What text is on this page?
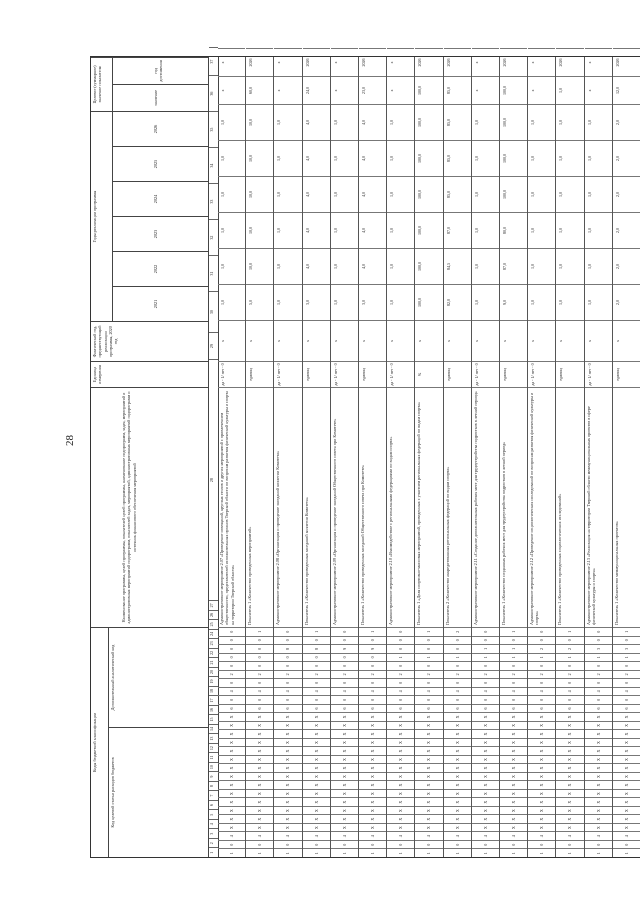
28
Коды бюджетной классификации
Код целевой статьи расходов бюджетов
Дополнительный аналитический код
Наименование программы, целей программы, показателей целей программы, наименование подпрограмм, задач, мероприятий и административных мероприятий подпрограмм, показателей задач, мероприятий, административных мероприятий подпрограмм и источник финансового обеспечения мероприятий
Единица измерения
Фактический год, предшествующий реализации программы, 2020 год
Годы реализации программы
Целевое (суммарное) значение показателя
2021
2022
2023
2024
2025
2026
значение
год достижения
1
2
3
4
5
6
7
8
9
10
11
12
13
14
15
16
17
18
19
20
21
22
23
24
25
26
27
28
29
30
31
32
33
34
35
36
37
1
0
4
X
X
X
X
X
X
X
X
X
X
X
X
X
X
6
0
4
0
2
0
0
0
0
0
Административное мероприятие 2.07 «Проведение совещаний, круглых столов и других мероприятий с привлечением общественности, представителей исполнительных органов Тверской области по вопросам развития физической культуры и спорта на территории Тверской области»
да - 1/ нет - 0
х
1,0
1,0
1,0
1,0
1,0
1,0
х
х
1
0
4
X
X
X
X
X
X
X
X
X
X
X
X
X
X
6
0
4
0
2
0
0
0
0
1
Показатель 1 «Количество проведенных мероприятий»
единиц
х
5,0
10,0
10,0
10,0
10,0
10,0
60,0
2026
1
0
4
X
X
X
X
X
X
X
X
X
X
X
X
X
X
6
0
4
0
2
0
0
8
0
0
Административное мероприятие 2.08 «Организация и проведение заседаний коллегии Комитета»
да - 1/ нет - 0
х
1,0
1,0
1,0
1,0
1,0
1,0
х
х
1
0
4
X
X
X
X
X
X
X
X
X
X
X
X
X
X
6
0
4
0
2
0
0
8
0
1
Показатель 1 «Количество проведенных заседаний коллегии Комитета»
единиц
х
3,0
4,0
4,0
4,0
4,0
4,0
24,0
2026
1
0
4
X
X
X
X
X
X
X
X
X
X
X
X
X
X
6
0
4
0
2
0
0
9
0
0
Административное мероприятие 2.09 «Организация и проведение заседаний Общественного совета при Комитете»
да - 1/ нет - 0
х
1,0
1,0
1,0
1,0
1,0
1,0
х
х
1
0
4
X
X
X
X
X
X
X
X
X
X
X
X
X
X
6
0
4
0
2
0
0
9
0
1
Показатель 1 «Количество проведенных заседаний Общественного совета при Комитете»
единиц
х
3,0
4,0
4,0
4,0
4,0
4,0
23,0
2026
1
0
4
X
X
X
X
X
X
X
X
X
X
X
X
X
X
6
0
4
0
2
0
1
0
0
0
Административное мероприятие 2.10 «Взаимодействие с региональными федерациями по видам спорта»
да - 1/ нет - 0
х
1,0
1,0
1,0
1,0
1,0
1,0
х
х
1
0
4
X
X
X
X
X
X
X
X
X
X
X
X
X
X
6
0
4
0
2
0
1
0
0
1
Показатель 1 «Доля спортивно-массовых мероприятий, проведенных с участием региональных федераций по видам спорта»
%
х
100,0
100,0
100,0
100,0
100,0
100,0
100,0
2026
1
0
4
X
X
X
X
X
X
X
X
X
X
X
X
X
X
6
0
4
0
2
0
1
0
0
2
Показатель 2 «Количество аккредитованных региональных федераций по видам спорта»
единиц
х
82,0
84,5
87,0
85,0
85,0
85,0
85,0
2026
1
0
4
X
X
X
X
X
X
X
X
X
X
X
X
X
X
6
0
4
0
2
0
1
1
0
0
Административное мероприятие 2.11 «Создание дополнительных рабочих мест для трудоустройства подростков в летний период»
да - 1/ нет - 0
х
1,0
1,0
1,0
1,0
1,0
1,0
х
х
1
0
4
X
X
X
X
X
X
X
X
X
X
X
X
X
X
6
0
4
0
2
0
1
1
0
1
Показатель 1 «Количество созданных рабочих мест для трудоустройства подростков в летний период»
единиц
х
9,0
87,0
80,0
100,0
100,0
100,0
100,0
2026
1
0
4
X
X
X
X
X
X
X
X
X
X
X
X
X
X
6
0
4
0
2
0
1
2
0
0
Административное мероприятие 2.12 «Проведение социологических исследований по вопросам развития физической культуры и спорта»
да - 1/ нет - 0
х
1,0
1,0
1,0
1,0
1,0
1,0
х
х
1
0
4
X
X
X
X
X
X
X
X
X
X
X
X
X
X
6
0
4
0
2
0
1
2
0
1
Показатель 1 «Количество проведенных социологических исследований»
единиц
х
1,0
1,0
1,0
1,0
1,0
1,0
1,0
2026
1
0
4
X
X
X
X
X
X
X
X
X
X
X
X
X
X
6
0
4
0
2
0
1
3
0
0
Административное мероприятие 2.13 «Реализация на территории Тверской области межмуниципальных проектов в сфере физической культуры и спорта»
да - 1/ нет - 0
х
1,0
1,0
1,0
1,0
1,0
1,0
х
х
1
0
4
X
X
X
X
X
X
X
X
X
X
X
X
X
X
6
0
4
0
2
0
1
3
0
1
Показатель 1 «Количество межмуниципальных проектов»
единиц
х
2,0
2,0
2,0
2,0
2,0
2,0
12,0
2026
